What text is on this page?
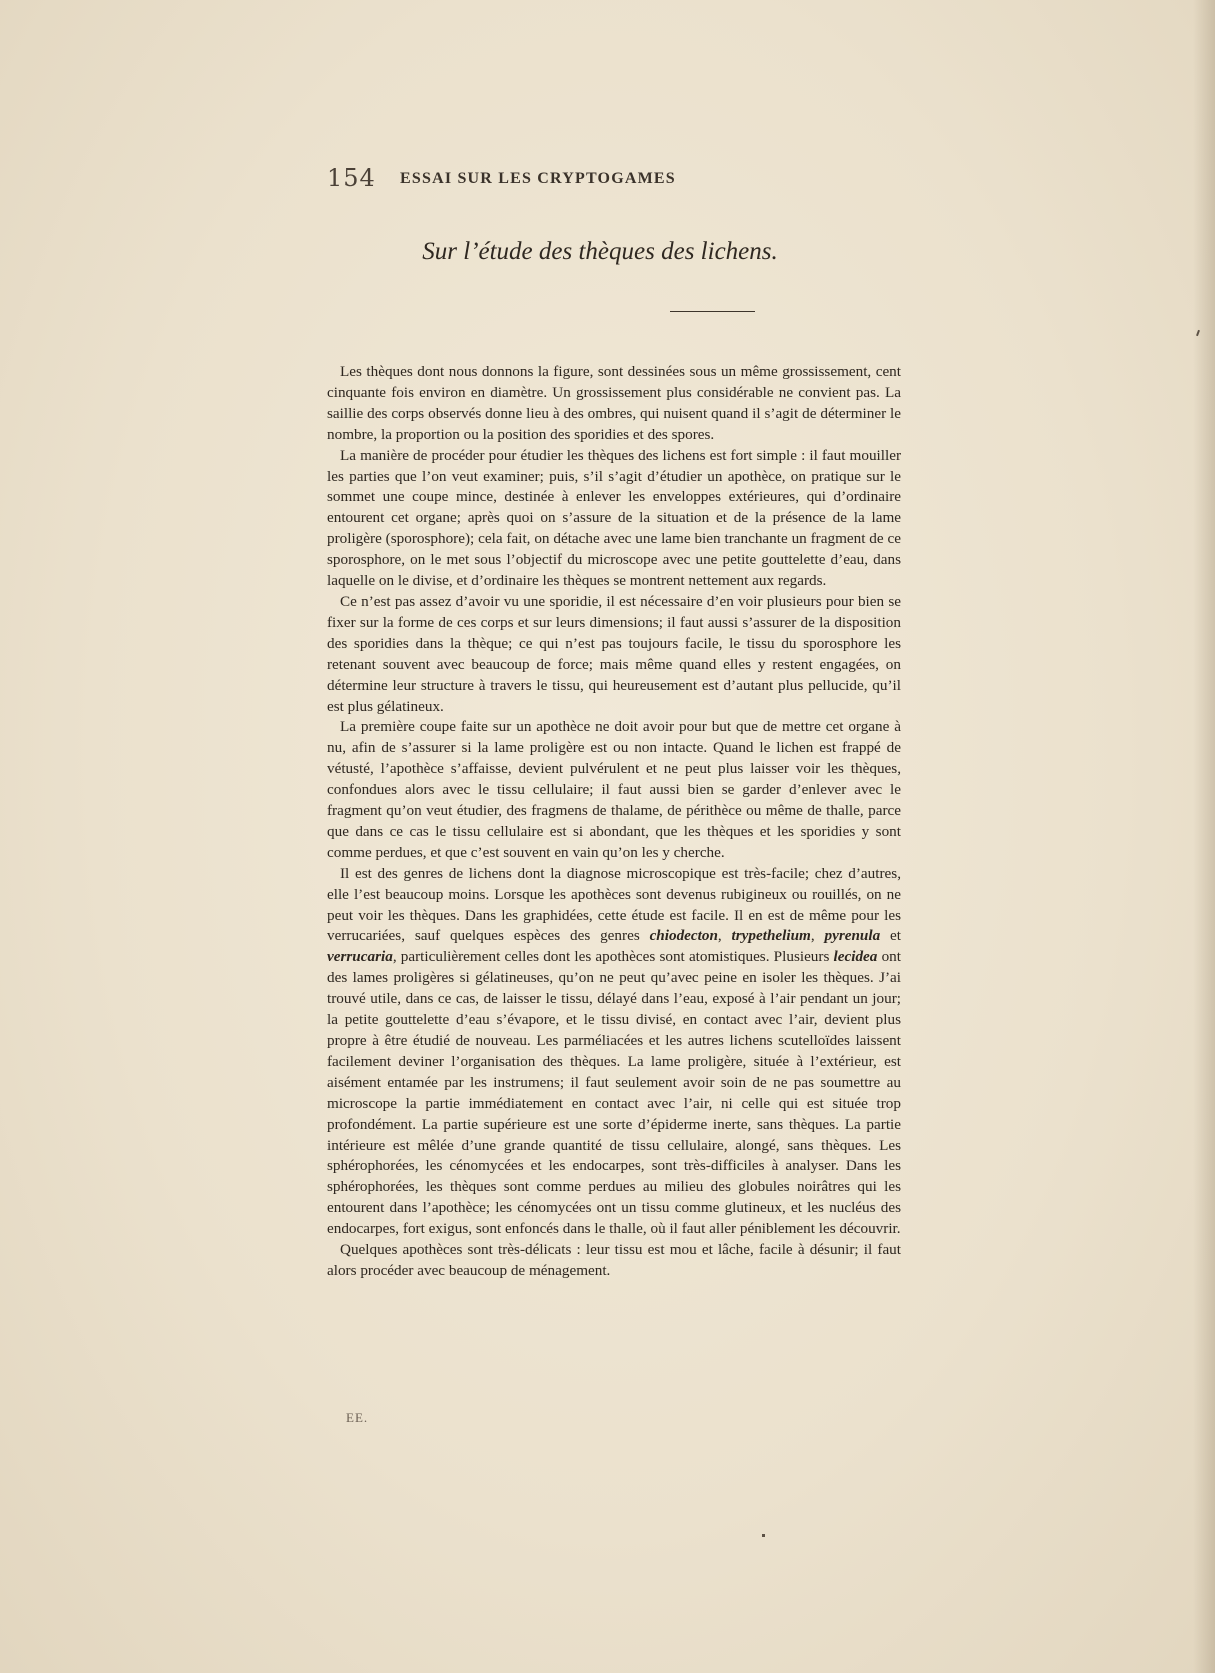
154 ESSAI SUR LES CRYPTOGAMES
Sur l’étude des thèques des lichens.

Les thèques dont nous donnons la figure, sont dessinées sous un même grossissement, cent cinquante fois environ en diamètre. Un grossissement plus considérable ne convient pas. La saillie des corps observés donne lieu à des ombres, qui nuisent quand il s’agit de déterminer le nombre, la proportion ou la position des sporidies et des spores.

La manière de procéder pour étudier les thèques des lichens est fort simple : il faut mouiller les parties que l’on veut examiner; puis, s’il s’agit d’étudier un apothèce, on pratique sur le sommet une coupe mince, destinée à enlever les enveloppes extérieures, qui d’ordinaire entourent cet organe; après quoi on s’assure de la situation et de la présence de la lame proligère (sporosphore); cela fait, on détache avec une lame bien tranchante un fragment de ce sporosphore, on le met sous l’objectif du microscope avec une petite gouttelette d’eau, dans laquelle on le divise, et d’ordinaire les thèques se montrent nettement aux regards.

Ce n’est pas assez d’avoir vu une sporidie, il est nécessaire d’en voir plusieurs pour bien se fixer sur la forme de ces corps et sur leurs dimensions; il faut aussi s’assurer de la disposition des sporidies dans la thèque; ce qui n’est pas toujours facile, le tissu du sporosphore les retenant souvent avec beaucoup de force; mais même quand elles y restent engagées, on détermine leur structure à travers le tissu, qui heureusement est d’autant plus pellucide, qu’il est plus gélatineux.

La première coupe faite sur un apothèce ne doit avoir pour but que de mettre cet organe à nu, afin de s’assurer si la lame proligère est ou non intacte. Quand le lichen est frappé de vétusté, l’apothèce s’affaisse, devient pulvérulent et ne peut plus laisser voir les thèques, confondues alors avec le tissu cellulaire; il faut aussi bien se garder d’enlever avec le fragment qu’on veut étudier, des fragmens de thalame, de périthèce ou même de thalle, parce que dans ce cas le tissu cellulaire est si abondant, que les thèques et les sporidies y sont comme perdues, et que c’est souvent en vain qu’on les y cherche.

Il est des genres de lichens dont la diagnose microscopique est très-facile; chez d’autres, elle l’est beaucoup moins. Lorsque les apothèces sont devenus rubigineux ou rouillés, on ne peut voir les thèques. Dans les graphidées, cette étude est facile. Il en est de même pour les verrucariées, sauf quelques espèces des genres chiodecton, trypethelium, pyrenula et verrucaria, particulièrement celles dont les apothèces sont atomistiques. Plusieurs lecidea ont des lames proligères si gélatineuses, qu’on ne peut qu’avec peine en isoler les thèques. J’ai trouvé utile, dans ce cas, de laisser le tissu, délayé dans l’eau, exposé à l’air pendant un jour; la petite gouttelette d’eau s’évapore, et le tissu divisé, en contact avec l’air, devient plus propre à être étudié de nouveau. Les parméliacées et les autres lichens scutelloïdes laissent facilement deviner l’organisation des thèques. La lame proligère, située à l’extérieur, est aisément entamée par les instrumens; il faut seulement avoir soin de ne pas soumettre au microscope la partie immédiatement en contact avec l’air, ni celle qui est située trop profondément. La partie supérieure est une sorte d’épiderme inerte, sans thèques. La partie intérieure est mêlée d’une grande quantité de tissu cellulaire, alongé, sans thèques. Les sphérophorées, les cénomycées et les endocarpes, sont très-difficiles à analyser. Dans les sphérophorées, les thèques sont comme perdues au milieu des globules noirâtres qui les entourent dans l’apothèce; les cénomycées ont un tissu comme glutineux, et les nucléus des endocarpes, fort exigus, sont enfoncés dans le thalle, où il faut aller péniblement les découvrir.

Quelques apothèces sont très-délicats : leur tissu est mou et lâche, facile à désunir; il faut alors procéder avec beaucoup de ménagement.

EE.
